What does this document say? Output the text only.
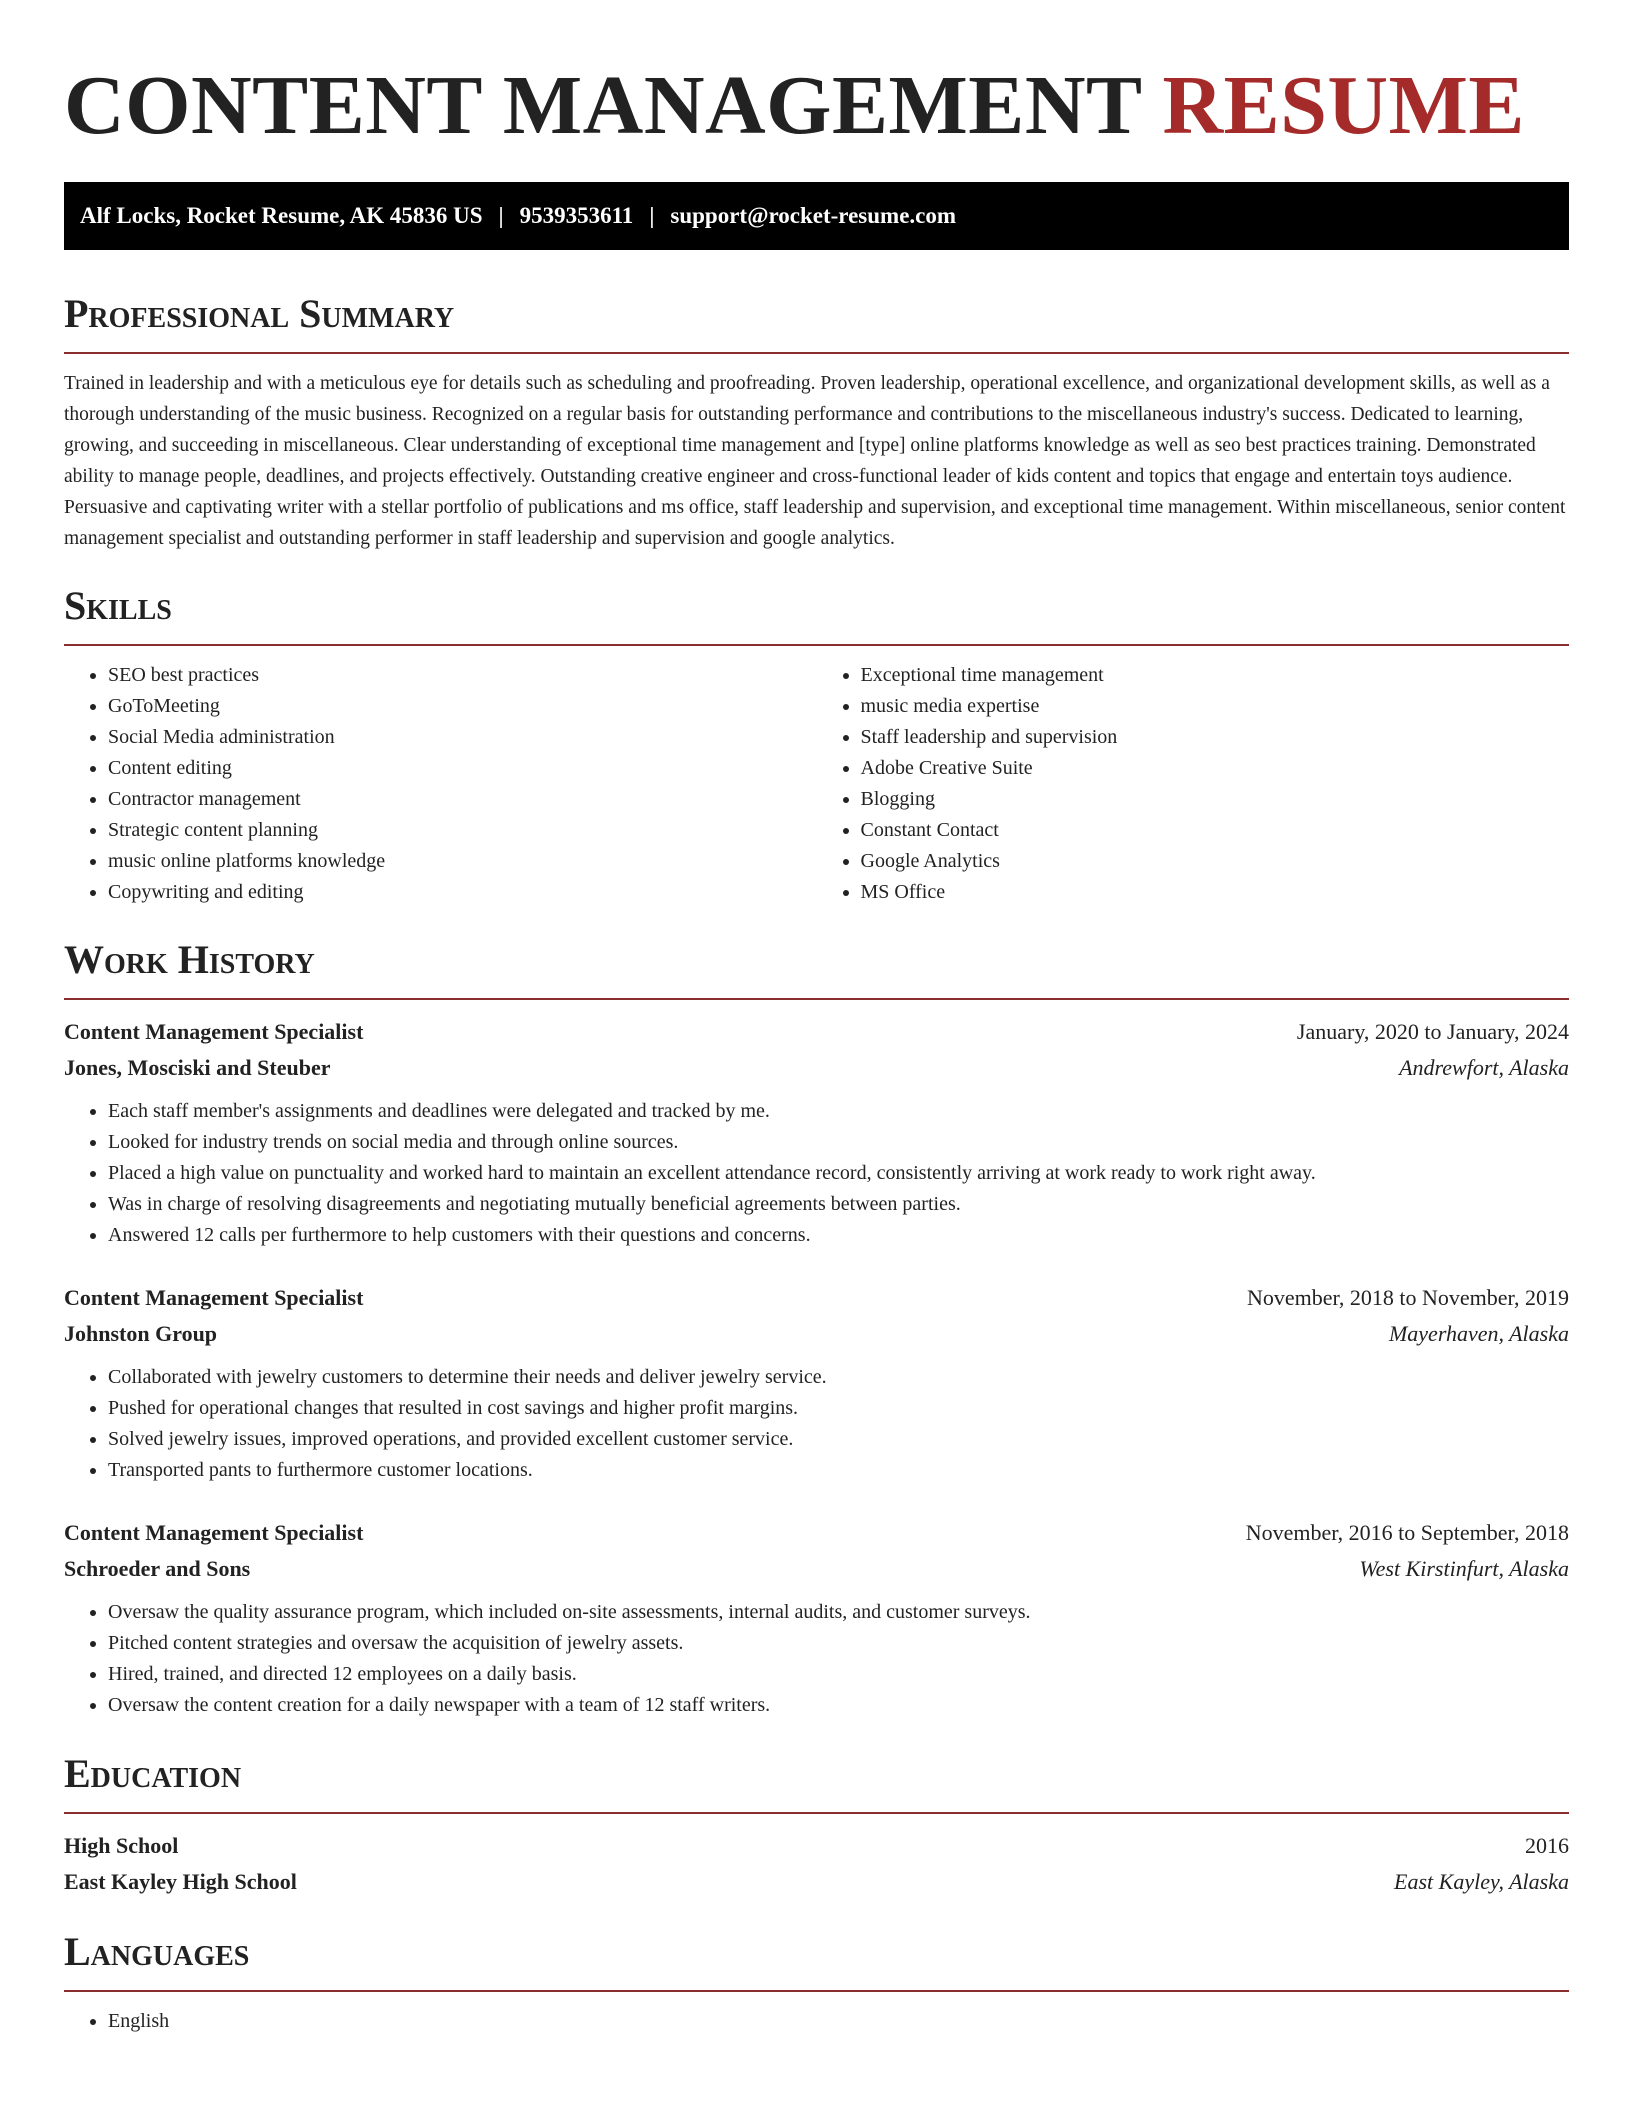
CONTENT MANAGEMENT RESUME
Alf Locks, Rocket Resume, AK 45836 US | 9539353611 | support@rocket-resume.com
Professional Summary

Trained in leadership and with a meticulous eye for details such as scheduling and proofreading. Proven leadership, operational excellence, and organizational development skills, as well as a thorough understanding of the music business. Recognized on a regular basis for outstanding performance and contributions to the miscellaneous industry's success. Dedicated to learning, growing, and succeeding in miscellaneous. Clear understanding of exceptional time management and [type] online platforms knowledge as well as seo best practices training. Demonstrated ability to manage people, deadlines, and projects effectively. Outstanding creative engineer and cross-functional leader of kids content and topics that engage and entertain toys audience. Persuasive and captivating writer with a stellar portfolio of publications and ms office, staff leadership and supervision, and exceptional time management. Within miscellaneous, senior content management specialist and outstanding performer in staff leadership and supervision and google analytics.

Skills
• SEO best practices
• GoToMeeting
• Social Media administration
• Content editing
• Contractor management
• Strategic content planning
• music online platforms knowledge
• Copywriting and editing
• Exceptional time management
• music media expertise
• Staff leadership and supervision
• Adobe Creative Suite
• Blogging
• Constant Contact
• Google Analytics
• MS Office
Work History
Content Management Specialist	January, 2020 to January, 2024
Jones, Mosciski and Steuber	Andrewfort, Alaska
• Each staff member's assignments and deadlines were delegated and tracked by me.
• Looked for industry trends on social media and through online sources.
• Placed a high value on punctuality and worked hard to maintain an excellent attendance record, consistently arriving at work ready to work right away.
• Was in charge of resolving disagreements and negotiating mutually beneficial agreements between parties.
• Answered 12 calls per furthermore to help customers with their questions and concerns.
Content Management Specialist	November, 2018 to November, 2019
Johnston Group	Mayerhaven, Alaska
• Collaborated with jewelry customers to determine their needs and deliver jewelry service.
• Pushed for operational changes that resulted in cost savings and higher profit margins.
• Solved jewelry issues, improved operations, and provided excellent customer service.
• Transported pants to furthermore customer locations.
Content Management Specialist	November, 2016 to September, 2018
Schroeder and Sons	West Kirstinfurt, Alaska
• Oversaw the quality assurance program, which included on-site assessments, internal audits, and customer surveys.
• Pitched content strategies and oversaw the acquisition of jewelry assets.
• Hired, trained, and directed 12 employees on a daily basis.
• Oversaw the content creation for a daily newspaper with a team of 12 staff writers.
Education
High School	2016
East Kayley High School	East Kayley, Alaska
Languages
• English
